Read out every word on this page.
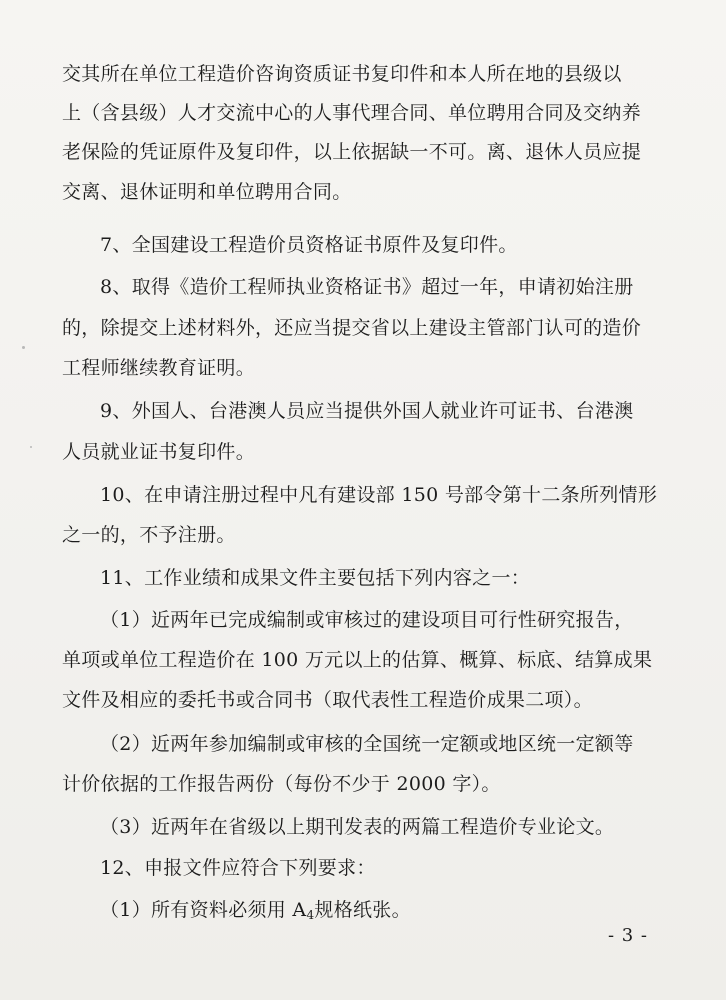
交其所在单位工程造价咨询资质证书复印件和本人所在地的县级以
上（含县级）人才交流中心的人事代理合同、单位聘用合同及交纳养
老保险的凭证原件及复印件，以上依据缺一不可。离、退休人员应提
交离、退休证明和单位聘用合同。
7、全国建设工程造价员资格证书原件及复印件。
8、取得《造价工程师执业资格证书》超过一年，申请初始注册
的，除提交上述材料外，还应当提交省以上建设主管部门认可的造价
工程师继续教育证明。
9、外国人、台港澳人员应当提供外国人就业许可证书、台港澳
人员就业证书复印件。
10、在申请注册过程中凡有建设部 150 号部令第十二条所列情形
之一的，不予注册。
11、工作业绩和成果文件主要包括下列内容之一：
（1）近两年已完成编制或审核过的建设项目可行性研究报告，
单项或单位工程造价在 100 万元以上的估算、概算、标底、结算成果
文件及相应的委托书或合同书（取代表性工程造价成果二项）。
（2）近两年参加编制或审核的全国统一定额或地区统一定额等
计价依据的工作报告两份（每份不少于 2000 字）。
（3）近两年在省级以上期刊发表的两篇工程造价专业论文。
12、申报文件应符合下列要求：
（1）所有资料必须用 $A_4$规格纸张。
- 3 -
